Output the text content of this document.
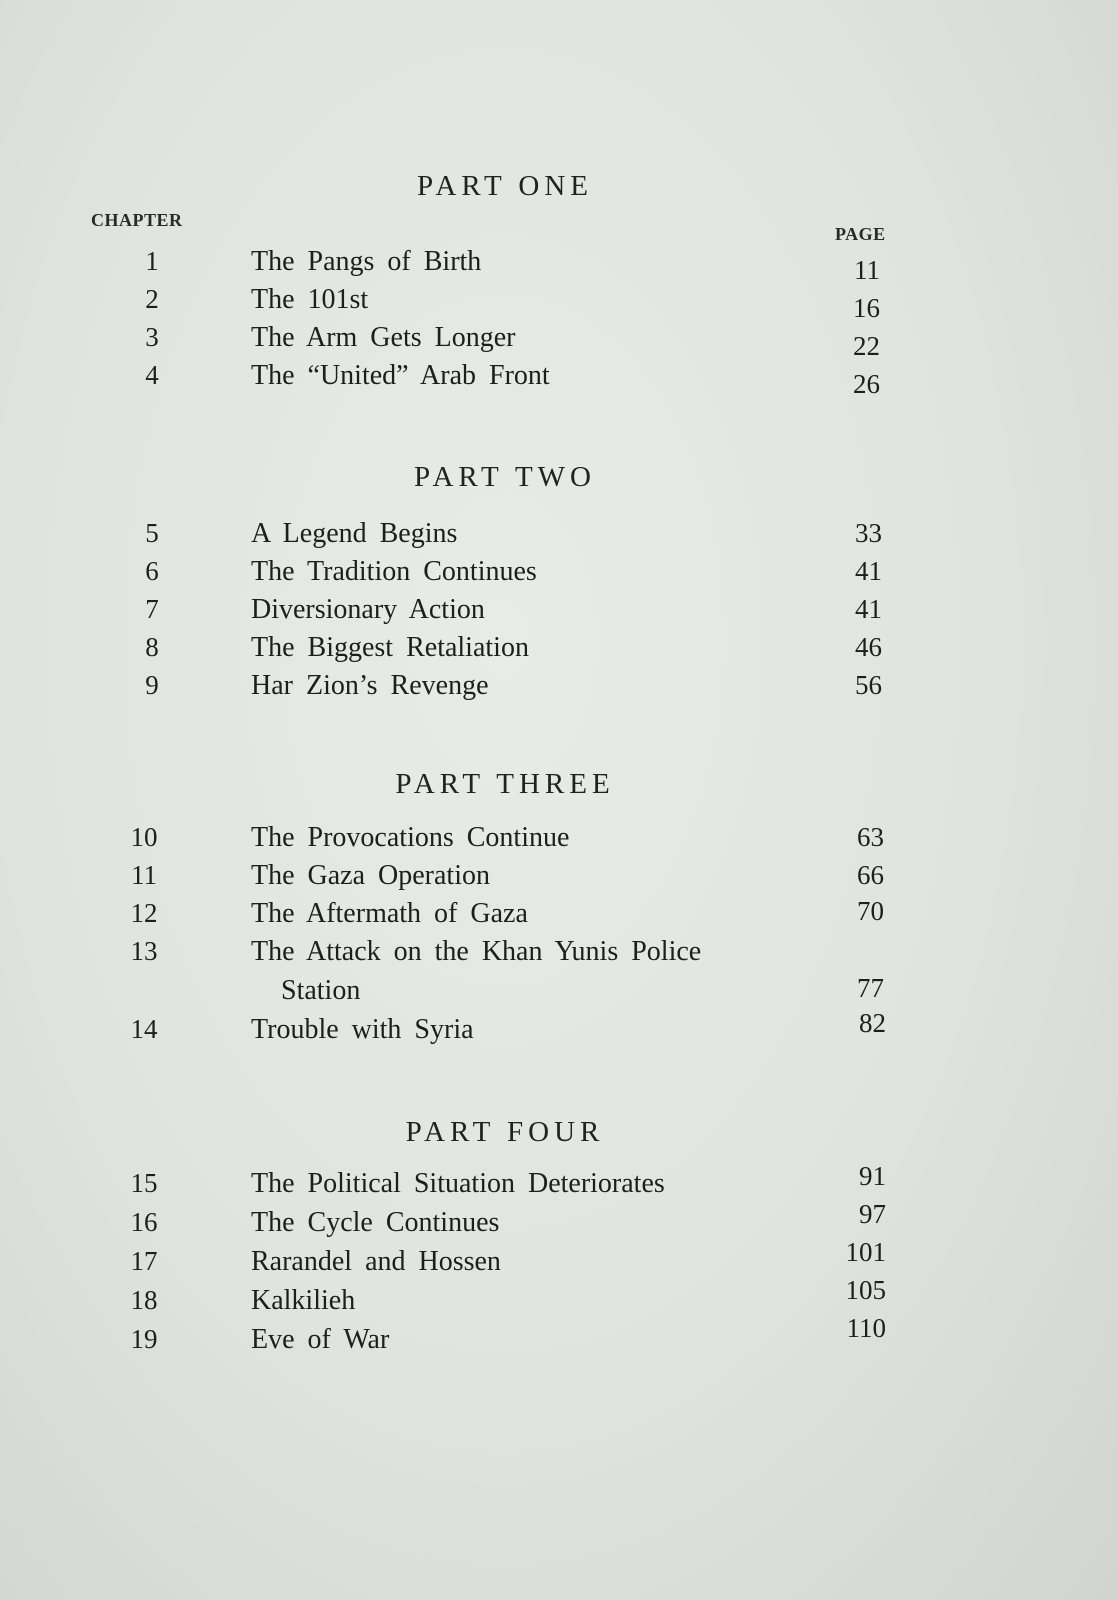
PART ONE
CHAPTER
PAGE
1	The Pangs of Birth	11
2	The 101st	16
3	The Arm Gets Longer	22
4	The “United” Arab Front	26
PART TWO
5	A Legend Begins	33
6	The Tradition Continues	41
7	Diversionary Action	41
8	The Biggest Retaliation	46
9	Har Zion’s Revenge	56
PART THREE
10	The Provocations Continue	63
11	The Gaza Operation	66
12	The Aftermath of Gaza	70
13	The Attack on the Khan Yunis Police
Station	77
14	Trouble with Syria	82
PART FOUR
15	The Political Situation Deteriorates	91
16	The Cycle Continues	97
17	Rarandel and Hossen	101
18	Kalkilieh	105
19	Eve of War	110
